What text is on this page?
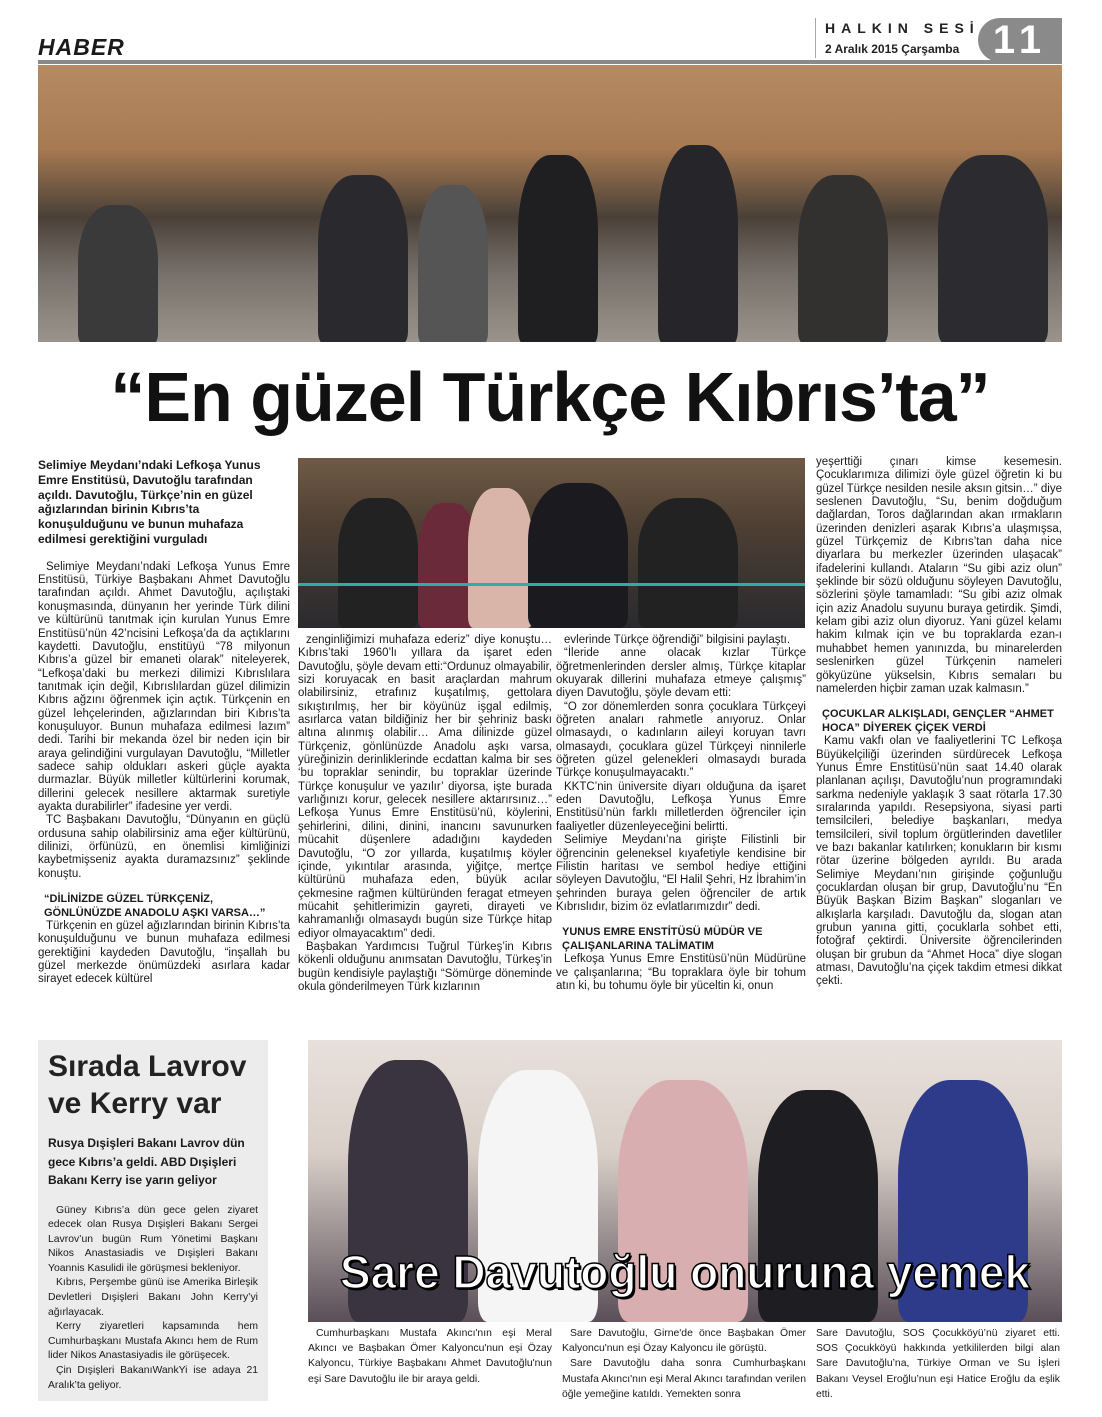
HABER
HALKIN SESİ
2 Aralık 2015 Çarşamba 11
“En güzel Türkçe Kıbrıs’ta”
Selimiye Meydanı’ndaki Lefkoşa Yunus Emre Enstitüsü, Davutoğlu tarafından açıldı. Davutoğlu, Türkçe’nin en güzel ağızlarından birinin Kıbrıs’ta konuşulduğunu ve bunun muhafaza edilmesi gerektiğini vurguladı

Selimiye Meydanı’ndaki Lefkoşa Yunus Emre Enstitüsü, Türkiye Başbakanı Ahmet Davutoğlu tarafından açıldı. Ahmet Davutoğlu, açılıştaki konuşmasında, dünyanın her yerinde Türk dilini ve kültürünü tanıtmak için kurulan Yunus Emre Enstitüsü’nün 42’ncisini Lefkoşa’da da açtıklarını kaydetti. Davutoğlu, enstitüyü “78 milyonun Kıbrıs’a güzel bir emaneti olarak” niteleyerek, “Lefkoşa’daki bu merkezi dilimizi Kıbrıslılara tanıtmak için değil, Kıbrıslılardan güzel dilimizin Kıbrıs ağzını öğrenmek için açtık. Türkçenin en güzel lehçelerinden, ağızlarından biri Kıbrıs’ta konuşuluyor. Bunun muhafaza edilmesi lazım” dedi. Tarihi bir mekanda özel bir neden için bir araya gelindiğini vurgulayan Davutoğlu, “Milletler sadece sahip oldukları askeri güçle ayakta durmazlar. Büyük milletler kültürlerini korumak, dillerini gelecek nesillere aktarmak suretiyle ayakta durabilirler” ifadesine yer verdi.

TC Başbakanı Davutoğlu, “Dünyanın en güçlü ordusuna sahip olabilirsiniz ama eğer kültürünü, dilinizi, örfünüzü, en önemlisi kimliğinizi kaybetmişseniz ayakta duramazsınız” şeklinde konuştu.

“DİLİNİZDE GÜZEL TÜRKÇENİZ, GÖNLÜNÜZDE ANADOLU AŞKI VARSA…”

Türkçenin en güzel ağızlarından birinin Kıbrıs’ta konuşulduğunu ve bunun muhafaza edilmesi gerektiğini kaydeden Davutoğlu, “inşallah bu güzel merkezde önümüzdeki asırlara kadar sirayet edecek kültürel

zenginliğimizi muhafaza ederiz” diye konuştu… Kıbrıs’taki 1960’lı yıllara da işaret eden Davutoğlu, şöyle devam etti:“Ordunuz olmayabilir, sizi koruyacak en basit araçlardan mahrum olabilirsiniz, etrafınız kuşatılmış, gettolara sıkıştırılmış, her bir köyünüz işgal edilmiş, asırlarca vatan bildiğiniz her bir şehriniz baskı altına alınmış olabilir… Ama dilinizde güzel Türkçeniz, gönlünüzde Anadolu aşkı varsa, yüreğinizin derinliklerinde ecdattan kalma bir ses ‘bu topraklar senindir, bu topraklar üzerinde Türkçe konuşulur ve yazılır’ diyorsa, işte burada varlığınızı korur, gelecek nesillere aktarırsınız…” Lefkoşa Yunus Emre Enstitüsü’nü, köylerini, şehirlerini, dilini, dinini, inancını savunurken mücahit düşenlere adadığını kaydeden Davutoğlu, “O zor yıllarda, kuşatılmış köyler içinde, yıkıntılar arasında, yiğitçe, mertçe kültürünü muhafaza eden, büyük acılar çekmesine rağmen kültüründen feragat etmeyen mücahit şehitlerimizin gayreti, dirayeti ve kahramanlığı olmasaydı bugün size Türkçe hitap ediyor olmayacaktım” dedi.

Başbakan Yardımcısı Tuğrul Türkeş’in Kıbrıs kökenli olduğunu anımsatan Davutoğlu, Türkeş’in bugün kendisiyle paylaştığı “Sömürge döneminde okula gönderilmeyen Türk kızlarının

evlerinde Türkçe öğrendiği” bilgisini paylaştı.

“İleride anne olacak kızlar Türkçe öğretmenlerinden dersler almış, Türkçe kitaplar okuyarak dillerini muhafaza etmeye çalışmış” diyen Davutoğlu, şöyle devam etti:

“O zor dönemlerden sonra çocuklara Türkçeyi öğreten anaları rahmetle anıyoruz. Onlar olmasaydı, o kadınların aileyi koruyan tavrı olmasaydı, çocuklara güzel Türkçeyi ninnilerle öğreten güzel gelenekleri olmasaydı burada Türkçe konuşulmayacaktı.”

KKTC’nin üniversite diyarı olduğuna da işaret eden Davutoğlu, Lefkoşa Yunus Emre Enstitüsü’nün farklı milletlerden öğrenciler için faaliyetler düzenleyeceğini belirtti.

Selimiye Meydanı’na girişte Filistinli bir öğrencinin geleneksel kıyafetiyle kendisine bir Filistin haritası ve sembol hediye ettiğini söyleyen Davutoğlu, “El Halil Şehri, Hz İbrahim’in şehrinden buraya gelen öğrenciler de artık Kıbrıslıdır, bizim öz evlatlarımızdır” dedi.

YUNUS EMRE ENSTİTÜSÜ MÜDÜR VE ÇALIŞANLARINA TALİMATIM

Lefkoşa Yunus Emre Enstitüsü’nün Müdürüne ve çalışanlarına; “Bu topraklara öyle bir tohum atın ki, bu tohumu öyle bir yüceltin ki, onun

yeşerttiği çınarı kimse kesemesin. Çocuklarımıza dilimizi öyle güzel öğretin ki bu güzel Türkçe nesilden nesile aksın gitsin…” diye seslenen Davutoğlu, “Su, benim doğduğum dağlardan, Toros dağlarından akan ırmakların üzerinden denizleri aşarak Kıbrıs’a ulaşmışsa, güzel Türkçemiz de Kıbrıs’tan daha nice diyarlara bu merkezler üzerinden ulaşacak” ifadelerini kullandı. Ataların “Su gibi aziz olun” şeklinde bir sözü olduğunu söyleyen Davutoğlu, sözlerini şöyle tamamladı: “Su gibi aziz olmak için aziz Anadolu suyunu buraya getirdik. Şimdi, kelam gibi aziz olun diyoruz. Yani güzel kelamı hakim kılmak için ve bu topraklarda ezan-ı muhabbet hemen yanınızda, bu minarelerden seslenirken güzel Türkçenin nameleri gökyüzüne yükselsin, Kıbrıs semaları bu namelerden hiçbir zaman uzak kalmasın.”

ÇOCUKLAR ALKIŞLADI, GENÇLER “AHMET HOCA” DİYEREK ÇİÇEK VERDİ

Kamu vakfı olan ve faaliyetlerini TC Lefkoşa Büyükelçiliği üzerinden sürdürecek Lefkoşa Yunus Emre Enstitüsü’nün saat 14.40 olarak planlanan açılışı, Davutoğlu’nun programındaki sarkma nedeniyle yaklaşık 3 saat rötarla 17.30 sıralarında yapıldı. Resepsiyona, siyasi parti temsilcileri, belediye başkanları, medya temsilcileri, sivil toplum örgütlerinden davetliler ve bazı bakanlar katılırken; konukların bir kısmı rötar üzerine bölgeden ayrıldı. Bu arada Selimiye Meydanı’nın girişinde çoğunluğu çocuklardan oluşan bir grup, Davutoğlu’nu “En Büyük Başkan Bizim Başkan” sloganları ve alkışlarla karşıladı. Davutoğlu da, slogan atan grubun yanına gitti, çocuklarla sohbet etti, fotoğraf çektirdi. Üniversite öğrencilerinden oluşan bir grubun da “Ahmet Hoca” diye slogan atması, Davutoğlu’na çiçek takdim etmesi dikkat çekti.

Sırada Lavrov ve Kerry var
Rusya Dışişleri Bakanı Lavrov dün gece Kıbrıs’a geldi. ABD Dışişleri Bakanı Kerry ise yarın geliyor

Güney Kıbrıs’a dün gece gelen ziyaret edecek olan Rusya Dışişleri Bakanı Sergei Lavrov’un bugün Rum Yönetimi Başkanı Nikos Anastasiadis ve Dışişleri Bakanı Yoannis Kasulidi ile görüşmesi bekleniyor.

Kıbrıs, Perşembe günü ise Amerika Birleşik Devletleri Dışişleri Bakanı John Kerry’yi ağırlayacak.

Kerry ziyaretleri kapsamında hem Cumhurbaşkanı Mustafa Akıncı hem de Rum lider Nikos Anastasiyadis ile görüşecek.

Çin Dışişleri BakanıWankYi ise adaya 21 Aralık’ta geliyor.

Sare Davutoğlu onuruna yemek

Cumhurbaşkanı Mustafa Akıncı'nın eşi Meral Akıncı ve Başbakan Ömer Kalyoncu'nun eşi Özay Kalyoncu, Türkiye Başbakanı Ahmet Davutoğlu'nun eşi Sare Davutoğlu ile bir araya geldi.

Sare Davutoğlu, Girne'de önce Başbakan Ömer Kalyoncu'nun eşi Özay Kalyoncu ile görüştü.

Sare Davutoğlu daha sonra Cumhurbaşkanı Mustafa Akıncı'nın eşi Meral Akıncı tarafından verilen öğle yemeğine katıldı. Yemekten sonra

Sare Davutoğlu, SOS Çocukköyü’nü ziyaret etti. SOS Çocukköyü hakkında yetkililerden bilgi alan Sare Davutoğlu’na, Türkiye Orman ve Su İşleri Bakanı Veysel Eroğlu’nun eşi Hatice Eroğlu da eşlik etti.
